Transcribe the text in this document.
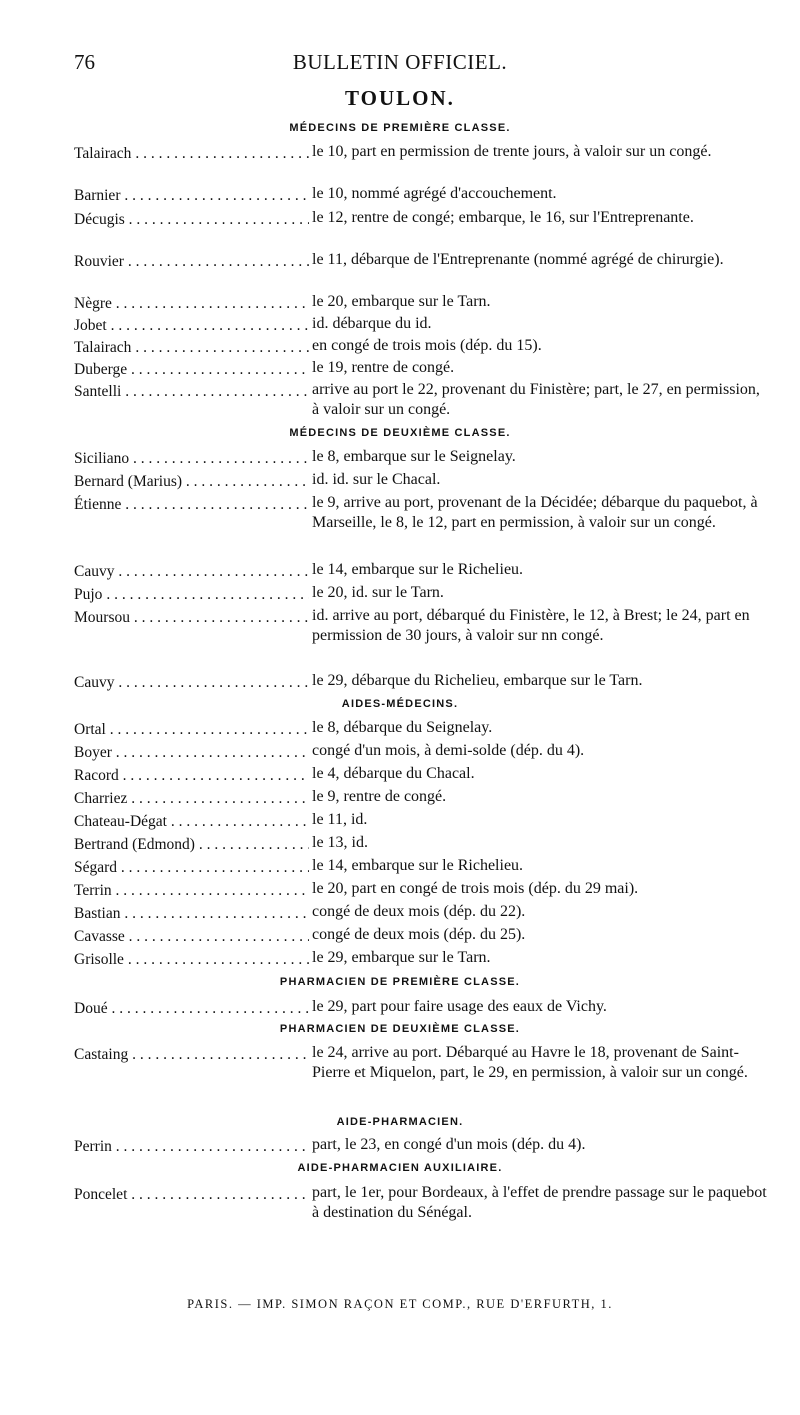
76	BULLETIN OFFICIEL.
TOULON.
MÉDECINS DE PREMIÈRE CLASSE.
Talairach . . .	le 10, part en permission de trente jours, à valoir sur un congé.
Barnier . . .	le 10, nommé agrégé d'accouchement.
Décugis . . .	le 12, rentre de congé; embarque, le 16, sur l'Entreprenante.
Rouvier . . .	le 11, débarque de l'Entreprenante (nommé agrégé de chirurgie).
Nègre . . .	le 20, embarque sur le Tarn.
Jobet . . .	id. débarque du id.
Talairach . . .	en congé de trois mois (dép. du 15).
Duberge . . .	le 19, rentre de congé.
Santelli . . .	arrive au port le 22, provenant du Finistère; part, le 27, en permission, à valoir sur un congé.
MÉDECINS DE DEUXIÈME CLASSE.
Siciliano . . .	le 8, embarque sur le Seignelay.
Bernard (Marius) . . .	id. id. sur le Chacal.
Étienne . . .	le 9, arrive au port, provenant de la Décidée; débarque du paquebot, à Marseille, le 8, le 12, part en permission, à valoir sur un congé.
Cauvy . . .	le 14, embarque sur le Richelieu.
Pujo . . .	le 20, id. sur le Tarn.
Moursou . . .	id. arrive au port, débarqué du Finistère, le 12, à Brest; le 24, part en permission de 30 jours, à valoir sur nn congé.
Cauvy . . .	le 29, débarque du Richelieu, embarque sur le Tarn.
AIDES-MÉDECINS.
Ortal . . .	le 8, débarque du Seignelay.
Boyer . . .	congé d'un mois, à demi-solde (dép. du 4).
Racord . . .	le 4, débarque du Chacal.
Charriez . . .	le 9, rentre de congé.
Chateau-Dégat . . .	le 11, id.
Bertrand (Edmond) . . .	le 13, id.
Ségard . . .	le 14, embarque sur le Richelieu.
Terrin . . .	le 20, part en congé de trois mois (dép. du 29 mai).
Bastian . . .	congé de deux mois (dép. du 22).
Cavasse . . .	congé de deux mois (dép. du 25).
Grisolle . . .	le 29, embarque sur le Tarn.
PHARMACIEN DE PREMIÈRE CLASSE.
Doué . . .	le 29, part pour faire usage des eaux de Vichy.
PHARMACIEN DE DEUXIÈME CLASSE.
Castaing . . .	le 24, arrive au port. Débarqué au Havre le 18, provenant de Saint-Pierre et Miquelon, part, le 29, en permission, à valoir sur un congé.
AIDE-PHARMACIEN.
Perrin . . .	part, le 23, en congé d'un mois (dép. du 4).
AIDE-PHARMACIEN AUXILIAIRE.
Poncelet . . .	part, le 1er, pour Bordeaux, à l'effet de prendre passage sur le paquebot à destination du Sénégal.
PARIS. — IMP. SIMON RAÇON ET COMP., RUE D'ERFURTH, 1.
